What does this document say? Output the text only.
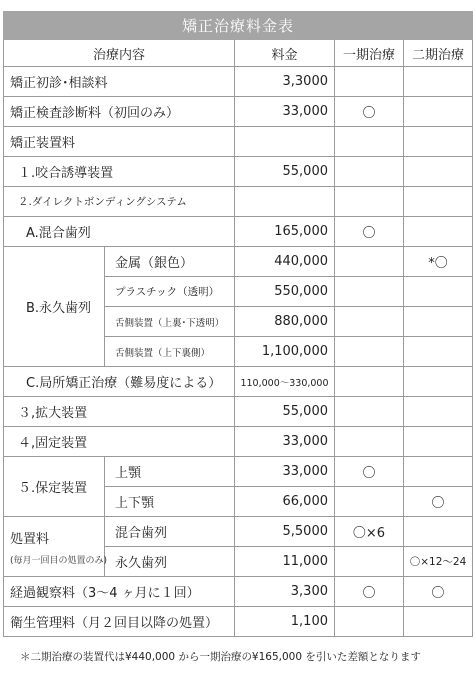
矯正治療料金表				
治療内容		料金	一期治療	二期治療
矯正初診･相談料		3,3000		
矯正検査診断料（初回のみ）		33,000	〇	
矯正装置料				
１.咬合誘導装置		55,000		
２.ダイレクトボンディングシステム				
A.混合歯列		165,000	〇	
B.永久歯列	金属（銀色）	440,000		*〇
	プラスチック（透明）	550,000		
	舌側装置（上裏･下透明）	880,000		
	舌側装置（上下裏側）	1,100,000		
C.局所矯正治療（難易度による）		110,000～330,000		
３,拡大装置		55,000		
４,固定装置		33,000		
５.保定装置	上顎	33,000	〇	
	上下顎	66,000		〇
処置料
(毎月一回目の処置のみ)	混合歯列	5,5000	〇×6	
	永久歯列	11,000		〇×12～24
経過観察料（3～4 ヶ月に１回）		3,300	〇	〇
衛生管理料（月２回目以降の処置）		1,100		
＊二期治療の装置代は¥440,000 から一期治療の¥165,000 を引いた差額となります
